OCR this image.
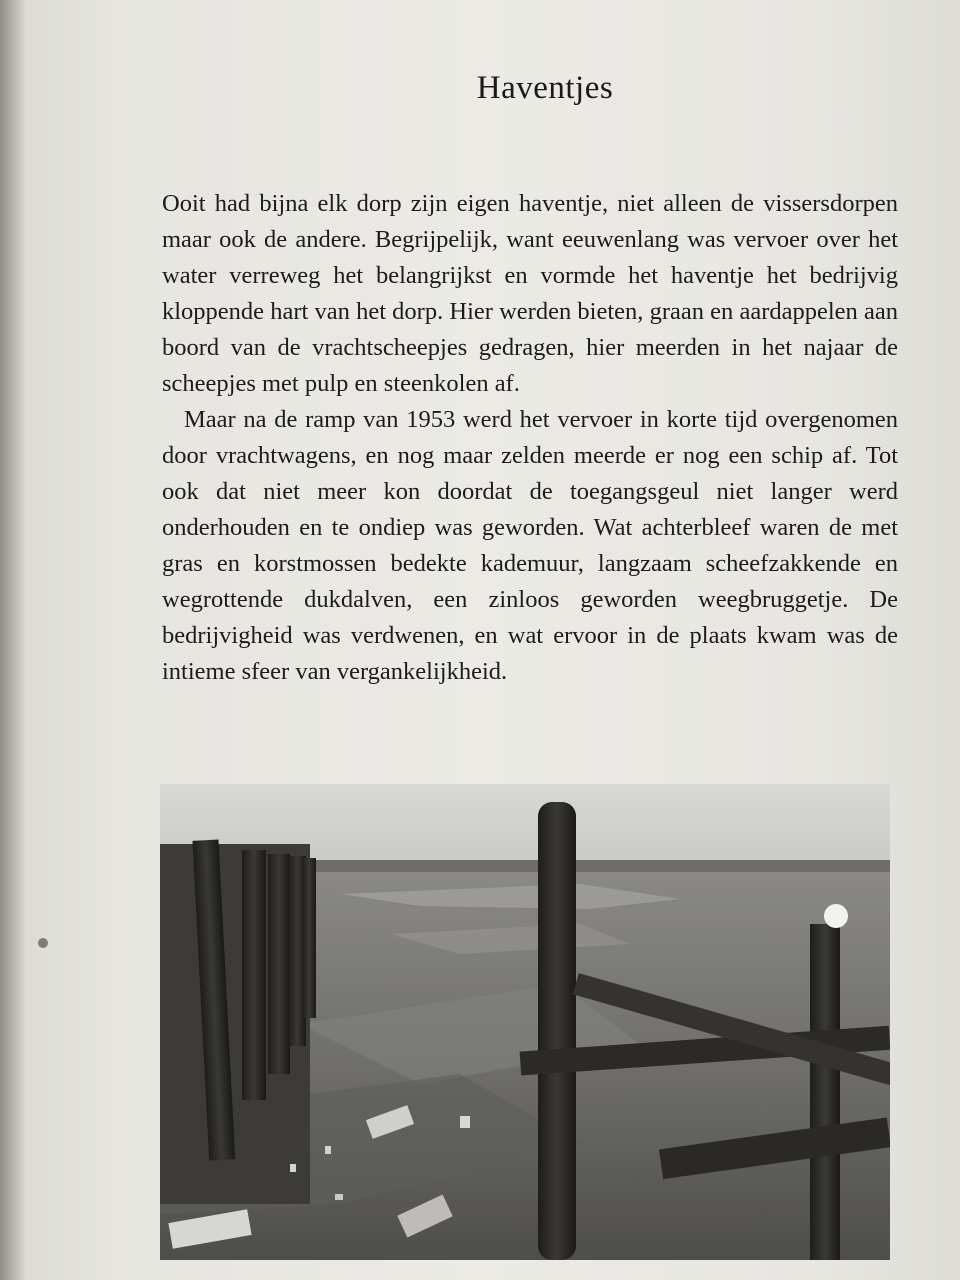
Haventjes

Ooit had bijna elk dorp zijn eigen haventje, niet alleen de vissersdorpen maar ook de andere. Begrijpelijk, want eeuwenlang was vervoer over het water verreweg het belangrijkst en vormde het haventje het bedrijvig kloppende hart van het dorp. Hier werden bieten, graan en aardappelen aan boord van de vrachtscheepjes gedragen, hier meerden in het najaar de scheepjes met pulp en steenkolen af.

Maar na de ramp van 1953 werd het vervoer in korte tijd overgenomen door vrachtwagens, en nog maar zelden meerde er nog een schip af. Tot ook dat niet meer kon doordat de toegangsgeul niet langer werd onderhouden en te ondiep was geworden. Wat achterbleef waren de met gras en korstmossen bedekte kademuur, langzaam scheefzakkende en wegrottende dukdalven, een zinloos geworden weegbruggetje. De bedrijvigheid was verdwenen, en wat ervoor in de plaats kwam was de intieme sfeer van vergankelijkheid.
